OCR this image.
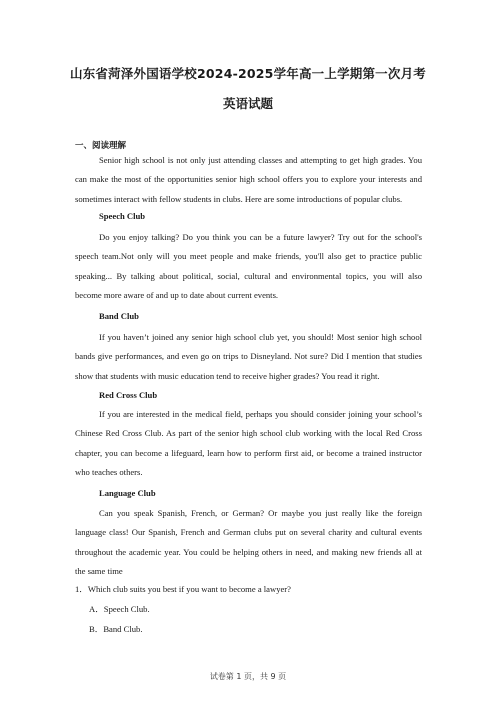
山东省菏泽外国语学校2024-2025学年高一上学期第一次月考
英语试题
一、阅读理解

Senior high school is not only just attending classes and attempting to get high grades. You can make the most of the opportunities senior high school offers you to explore your interests and sometimes interact with fellow students in clubs. Here are some introductions of popular clubs.

Speech Club

Do you enjoy talking? Do you think you can be a future lawyer? Try out for the school's speech team.Not only will you meet people and make friends, you'll also get to practice public speaking... By talking about political, social, cultural and environmental topics, you will also become more aware of and up to date about current events.

Band Club

If you haven’t joined any senior high school club yet, you should! Most senior high school bands give performances, and even go on trips to Disneyland. Not sure? Did I mention that studies show that students with music education tend to receive higher grades? You read it right.

Red Cross Club

If you are interested in the medical field, perhaps you should consider joining your school’s Chinese Red Cross Club. As part of the senior high school club working with the local Red Cross chapter, you can become a lifeguard, learn how to perform first aid, or become a trained instructor who teaches others.

Language Club

Can you speak Spanish, French, or German? Or maybe you just really like the foreign language class! Our Spanish, French and German clubs put on several charity and cultural events throughout the academic year. You could be helping others in need, and making new friends all at the same time

1．Which club suits you best if you want to become a lawyer?
A．Speech Club.
B．Band Club.
试卷第 1 页，共 9 页
